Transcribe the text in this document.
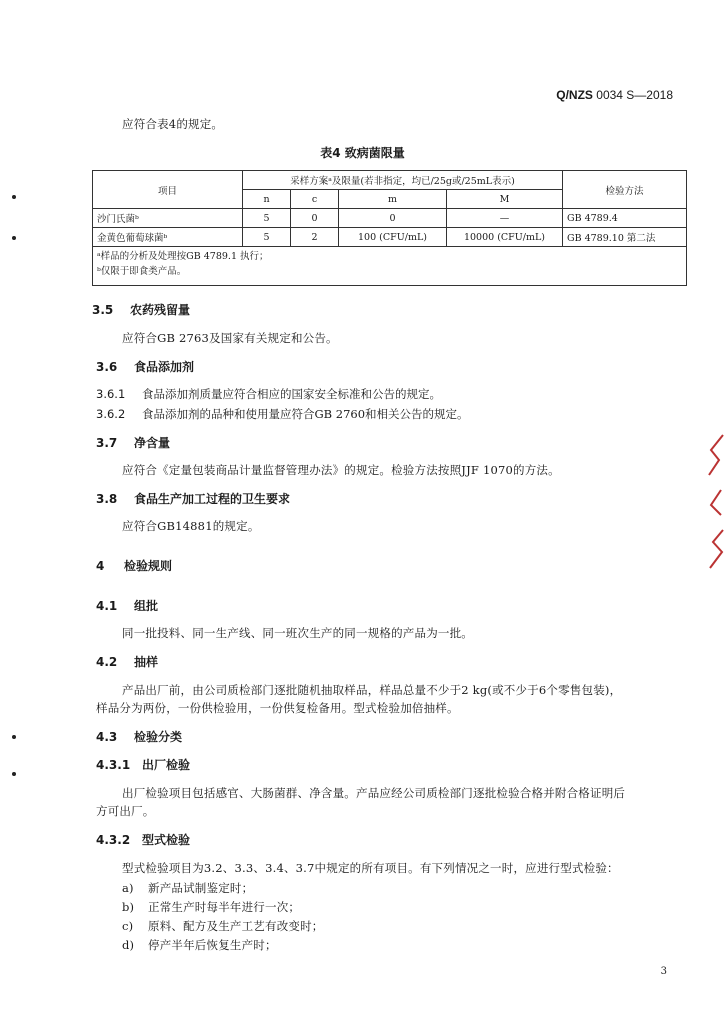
Q/NZS 0034 S—2018
应符合表4的规定。
表4 致病菌限量
项目	采样方案ᵃ及限量(若非指定，均已/25g或/25mL表示)				检验方法
	n	c	m	M	
沙门氏菌ᵇ	5	0	0	—	GB 4789.4
金黄色葡萄球菌ᵇ	5	2	100 (CFU/mL)	10000 (CFU/mL)	GB 4789.10 第二法

ᵃ样品的分析及处理按GB 4789.1 执行；
ᵇ仅限于即食类产品。					
3.5 农药残留量
应符合GB 2763及国家有关规定和公告。
3.6 食品添加剂
3.6.1 食品添加剂质量应符合相应的国家安全标准和公告的规定。
3.6.2 食品添加剂的品种和使用量应符合GB 2760和相关公告的规定。
3.7 净含量
应符合《定量包装商品计量监督管理办法》的规定。检验方法按照JJF 1070的方法。
3.8 食品生产加工过程的卫生要求
应符合GB14881的规定。
4 检验规则
4.1 组批
同一批投料、同一生产线、同一班次生产的同一规格的产品为一批。
4.2 抽样
产品出厂前，由公司质检部门逐批随机抽取样品，样品总量不少于2 kg(或不少于6个零售包装)，
样品分为两份，一份供检验用，一份供复检备用。型式检验加倍抽样。
4.3 检验分类
4.3.1 出厂检验
出厂检验项目包括感官、大肠菌群、净含量。产品应经公司质检部门逐批检验合格并附合格证明后
方可出厂。
4.3.2 型式检验
型式检验项目为3.2、3.3、3.4、3.7中规定的所有项目。有下列情况之一时，应进行型式检验：
a) 新产品试制鉴定时；
b) 正常生产时每半年进行一次；
c) 原料、配方及生产工艺有改变时；
d) 停产半年后恢复生产时；
3
